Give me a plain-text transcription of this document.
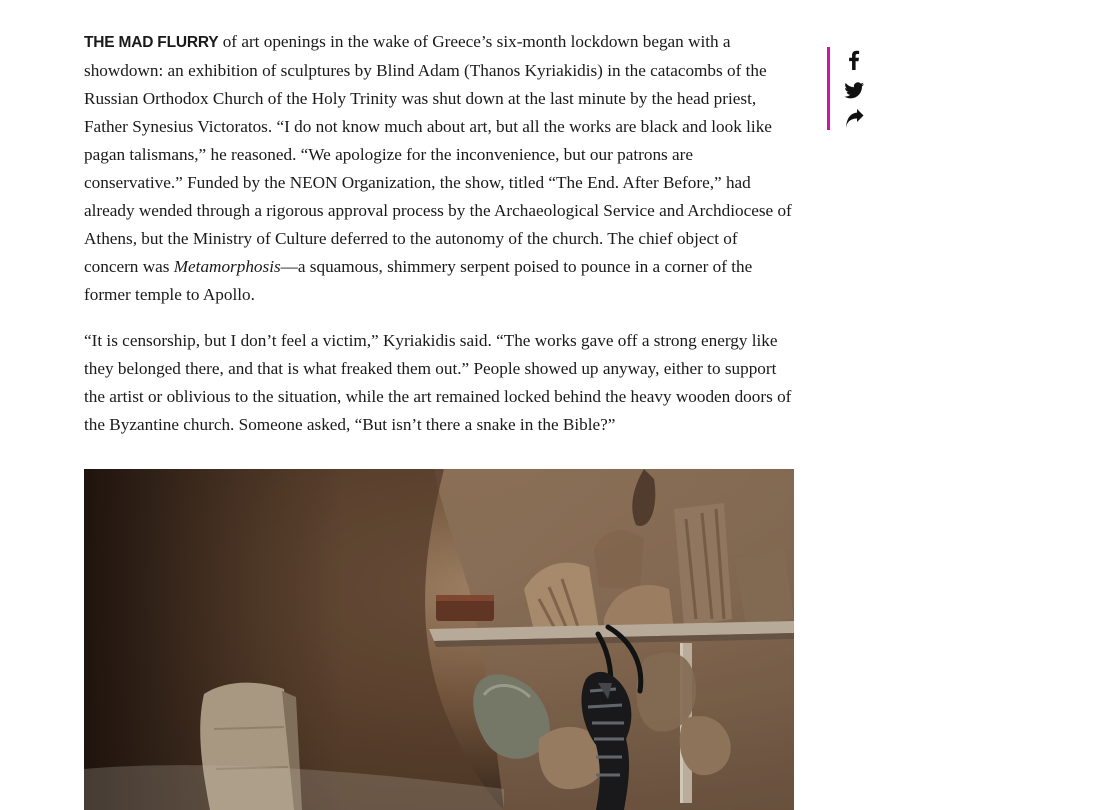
THE MAD FLURRY of art openings in the wake of Greece’s six-month lockdown began with a showdown: an exhibition of sculptures by Blind Adam (Thanos Kyriakidis) in the catacombs of the Russian Orthodox Church of the Holy Trinity was shut down at the last minute by the head priest, Father Synesius Victoratos. “I do not know much about art, but all the works are black and look like pagan talismans,” he reasoned. “We apologize for the inconvenience, but our patrons are conservative.” Funded by the NEON Organization, the show, titled “The End. After Before,” had already wended through a rigorous approval process by the Archaeological Service and Archdiocese of Athens, but the Ministry of Culture deferred to the autonomy of the church. The chief object of concern was Metamorphosis—a squamous, shimmery serpent poised to pounce in a corner of the former temple to Apollo.

“It is censorship, but I don’t feel a victim,” Kyriakidis said. “The works gave off a strong energy like they belonged there, and that is what freaked them out.” People showed up anyway, either to support the artist or oblivious to the situation, while the art remained locked behind the heavy wooden doors of the Byzantine church. Someone asked, “But isn’t there a snake in the Bible?”
